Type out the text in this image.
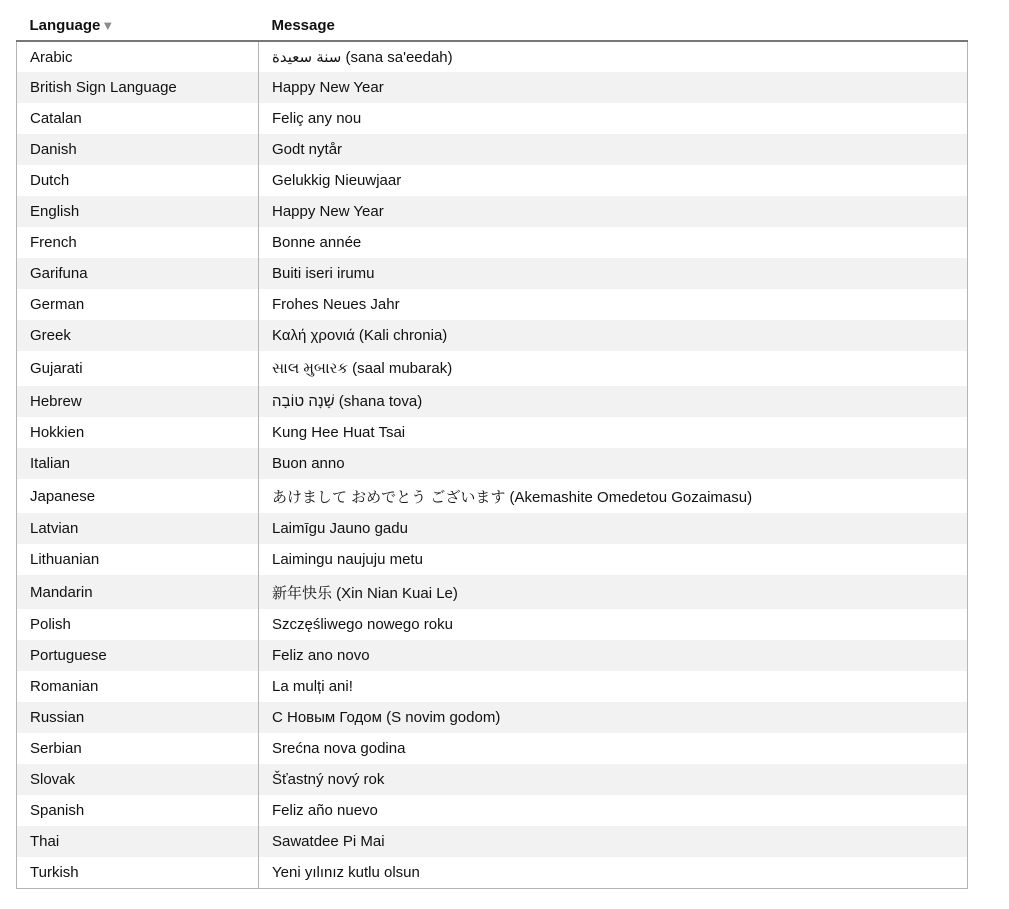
Language▼	Message
Arabic	سنة سعيدة (sana sa'eedah)
British Sign Language	Happy New Year
Catalan	Feliç any nou
Danish	Godt nytår
Dutch	Gelukkig Nieuwjaar
English	Happy New Year
French	Bonne année
Garifuna	Buiti iseri irumu
German	Frohes Neues Jahr
Greek	Καλή χρονιά (Kali chronia)
Gujarati	સાલ મુબારક (saal mubarak)
Hebrew	שָׁנָה טוֹבָה (shana tova)
Hokkien	Kung Hee Huat Tsai
Italian	Buon anno
Japanese	あけまして おめでとう ございます (Akemashite Omedetou Gozaimasu)
Latvian	Laimīgu Jauno gadu
Lithuanian	Laimingu naujuju metu
Mandarin	新年快乐 (Xin Nian Kuai Le)
Polish	Szczęśliwego nowego roku
Portuguese	Feliz ano novo
Romanian	La mulți ani!
Russian	С Новым Годом (S novim godom)
Serbian	Srećna nova godina
Slovak	Šťastný nový rok
Spanish	Feliz año nuevo
Thai	Sawatdee Pi Mai
Turkish	Yeni yılınız kutlu olsun
